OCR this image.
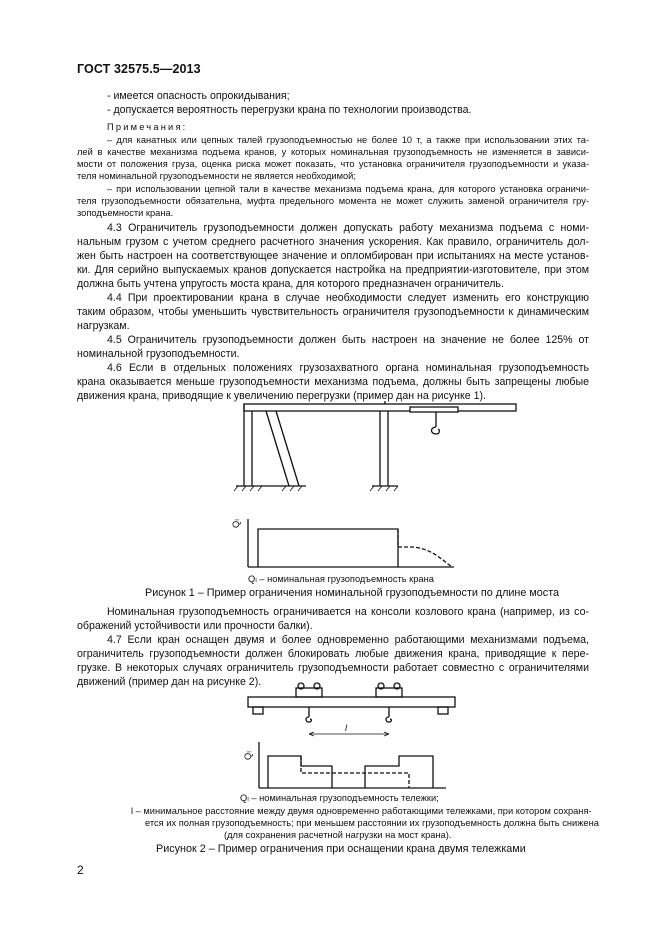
ГОСТ 32575.5—2013
- имеется опасность опрокидывания;
- допускается вероятность перегрузки крана по технологии производства.
Примечания:
– для канатных или цепных талей грузоподъемностью не более 10 т, а также при использовании этих та-
лей в качестве механизма подъема кранов, у которых номинальная грузоподъемность не изменяется в зависи-
мости от положения груза, оценка риска может показать, что установка ограничителя грузоподъемности и указа-
теля номинальной грузоподъемности не является необходимой;
– при использовании цепной тали в качестве механизма подъема крана, для которого установка ограничи-
теля грузоподъемности обязательна, муфта предельного момента не может служить заменой ограничителя гру-
зоподъемности крана.
4.3 Ограничитель грузоподъемности должен допускать работу механизма подъема с номи-
нальным грузом с учетом среднего расчетного значения ускорения. Как правило, ограничитель дол-
жен быть настроен на соответствующее значение и опломбирован при испытаниях на месте установ-
ки. Для серийно выпускаемых кранов допускается настройка на предприятии-изготовителе, при этом
должна быть учтена упругость моста крана, для которого предназначен ограничитель.
4.4 При проектировании крана в случае необходимости следует изменить его конструкцию
таким образом, чтобы уменьшить чувствительность ограничителя грузоподъемности к динамическим
нагрузкам.
4.5 Ограничитель грузоподъемности должен быть настроен на значение не более 125% от
номинальной грузоподъемности.
4.6 Если в отдельных положениях грузозахватного органа номинальная грузоподъемность
крана оказывается меньше грузоподъемности механизма подъема, должны быть запрещены любые
движения крана, приводящие к увеличению перегрузки (пример дан на рисунке 1).
Qₗ
Qₗ – номинальная грузоподъемность крана
Рисунок 1 – Пример ограничения номинальной грузоподъемности по длине моста
Номинальная грузоподъемность ограничивается на консоли козлового крана (например, из со-
ображений устойчивости или прочности балки).
4.7 Если кран оснащен двумя и более одновременно работающими механизмами подъема,
ограничитель грузоподъемности должен блокировать любые движения крана, приводящие к пере-
грузке. В некоторых случаях ограничитель грузоподъемности работает совместно с ограничителями
движений (пример дан на рисунке 2).
l
Qₗ
Qₗ – номинальная грузоподъемность тележки;
l – минимальное расстояние между двумя одновременно работающими тележками, при котором сохраня-
ется их полная грузоподъемность; при меньшем расстоянии их грузоподъемность должна быть снижена
(для сохранения расчетной нагрузки на мост крана).
Рисунок 2 – Пример ограничения при оснащении крана двумя тележками
2
